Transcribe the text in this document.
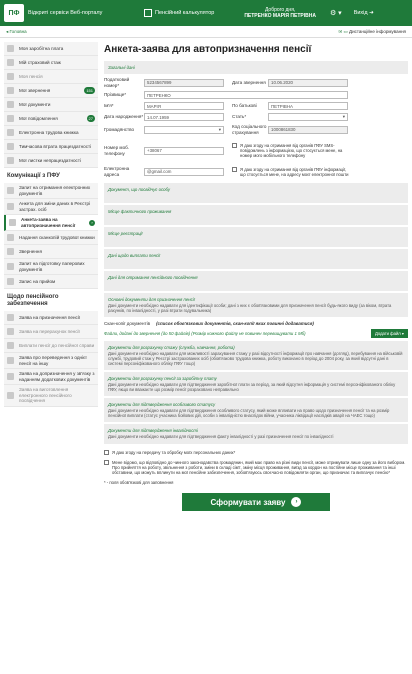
ПФ	Відкриті сервіси Веб-порталу	Пенсійний калькулятор	Доброго дня,
ПЕТРЕНКО МАРІЯ ПЕТРІВНА ⚙ ▾ Вихід ➜
◂ Головна	✉ ▭ Дистанційне інформування
Моя заробітна плата
Мій страховий стаж
Моя пенсія
Мої звернення	151
Мої документи
Мої повідомлення	27
Електронна трудова книжка
Тимчасова втрата працездатності
Мої листки непрацездатності
Комунікації з ПФУ
Запит на отримання електронних документів
Анкета для зміни даних в Реєстрі застрах. осіб
Анкета-заява на автопризначення пенсії
›
Надання сканкопій трудової книжки
Звернення
Запит на підготовку паперових документів
Запис на прийом
Щодо пенсійного забезпечення
Заява на призначення пенсії
Заява на перерахунок пенсії
Виплати пенсії до пенсійної справи
Заява про переведення з однієї пенсії на іншу
Заява на допризначення у зв'язку з наданням додаткових документів
Заява на виготовлення електронного пенсійного посвідчення
Анкета-заява для автопризначення пенсії
Загальні дані
Податковий номер*	5234567899	Дата звернення	10.06.2020
Прізвище*	ПЕТРЕНКО
Ім'я*	МАРІЯ	По батькові	ПЕТРІВНА
Дата народження* 14.07.1959	Стать*	▾
Громадянство	▾ Код соціального страхування	1000861830
Номер моб. телефону	+38067
Я даю згоду на отримання від органів ПФУ SMS-повідомлень з інформацією, що стосується мене, на номер мого мобільного телефону
Електронна адреса	@gmail.com	Я даю згоду на отримання від органів ПФУ інформації, що стосується мене, на адресу моєї електронної пошти
Документ, що посвідчує особу
Місце фактичного проживання
Місце реєстрації
Дані щодо виплати пенсії
Дані для отримання пенсійного посвідчення
Основні документи для призначення пенсії
Дані документи необхідно надавати для ідентифікації особи; дані з них є обов'язковими для призначення пенсії будь-якого виду (за віком, втрата рахунків, по інвалідності, у разі втрати годувальника)
Скан-копії документів (список обов'язкових документів, скан-копії яких повинні додаватися)
Файли, додані до звернення (до 50 файлів) (Розмір кожного файлу не повинен перевищувати 1 Мб)	Додати файл ▾
Документи для розрахунку стажу (служба, навчання, робота)
Дані документи необхідно надавати для можливості зарахування стажу у разі відсутності інформації про навчання (догляд), перебування на військовій службі, трудовий стаж у Реєстрі застрахованих осіб (обов'язково трудова книжка, роботу виконано в період до 2004 року, за який відсутні дані в системі персоніфікованого обліку ПФУ тощо)
Документи для розрахунку пенсії за заробітну плату
Дані документи необхідно надавати для підтвердження заробітної плати за період, за який відсутня інформація у системі персоніфікованого обліку ПФУ, якщо ви вважаєте що розмір пенсії розраховано неправильно
Документи для підтвердження особливого статусу
Дані документи необхідно надавати для підтвердження особливого статусу, який може впливати на право щодо призначення пенсії та на розмір пенсійної виплати (статус учасника бойових дій, особи з інвалідністю внаслідок війни, учасника ліквідації наслідків аварії на ЧАЕС тощо)
Документи для підтвердження інвалідності
Дані документи необхідно надавати для підтвердження факту інвалідності у разі призначення пенсії по інвалідності
Я даю згоду на передачу та обробку моїх персональних даних*
Мене відомо, що відповідно до чинного законодавства громадянин, який має право на різні види пенсії, може отримувати лише одну за його вибором. Про прийняття на роботу, звільнення з роботи, зміни в складі сім'ї, зміну місця проживання, виїзд за кордон на постійне місце проживання та інші обставини, що можуть вплинути на мої пенсійне забезпечення, зобов'язуюсь своєчасно повідомляти орган, що призначає та виплачує пенсію*
* - поля обов'язкові для заповнення
Сформувати заяву	›
